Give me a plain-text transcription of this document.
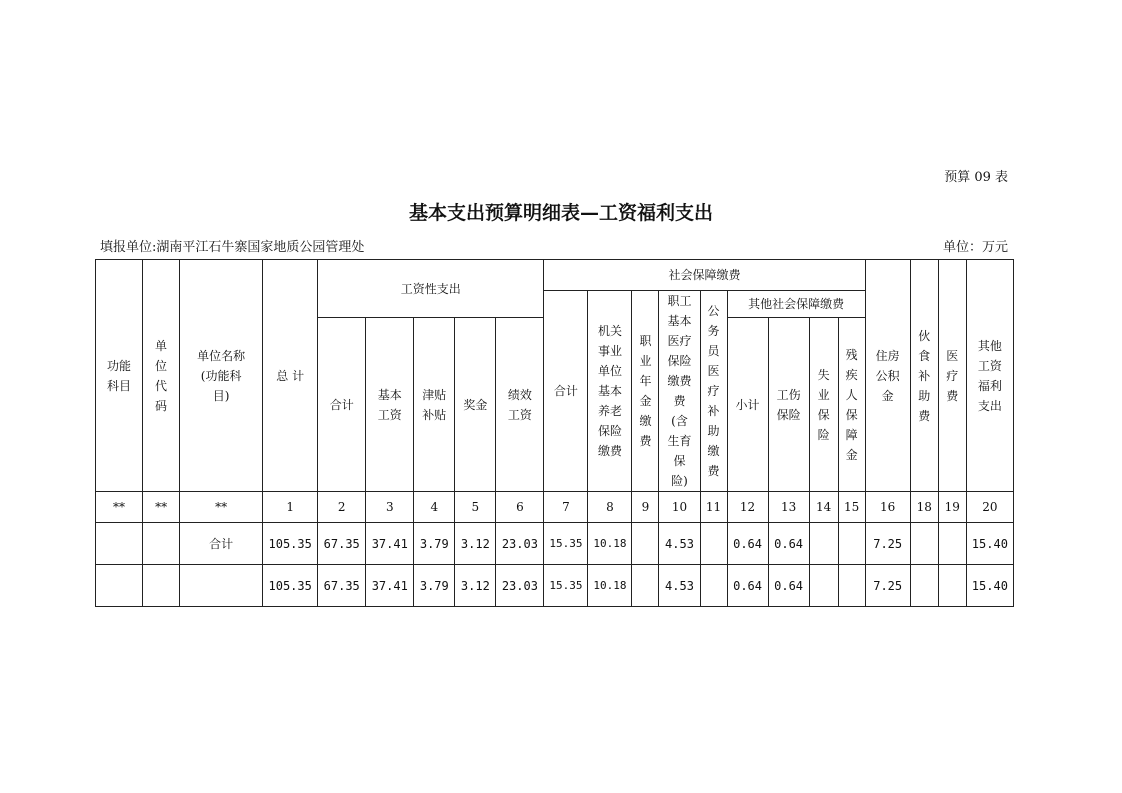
预算 09 表
基本支出预算明细表—工资福利支出
填报单位:湖南平江石牛寨国家地质公园管理处	单位：万元
功能科目	单位代码	单位名称(功能科目)	总 计	工资性支出					社会保障缴费									住房公积金	伙食补助费	医疗费	其他工资福利支出
									合计	机关事业单位基本养老保险缴费	职业年金缴费	职工基本医疗保险缴费费(含生育保险)	公务员医疗补助缴费	其他社会保障缴费							
				合计	基本工资	津贴补贴	奖金	绩效工资						小计	工伤保险	失业保险	残疾人保障金				

**	**	**	1	2	3	4	5	6	7	8	9	10	11	12	13	14	15	16	18	19	20
		合计	105.35	67.35	37.41	3.79	3.12	23.03	15.35	10.18		4.53		0.64	0.64			7.25			15.40
			105.35	67.35	37.41	3.79	3.12	23.03	15.35	10.18		4.53		0.64	0.64			7.25			15.40
